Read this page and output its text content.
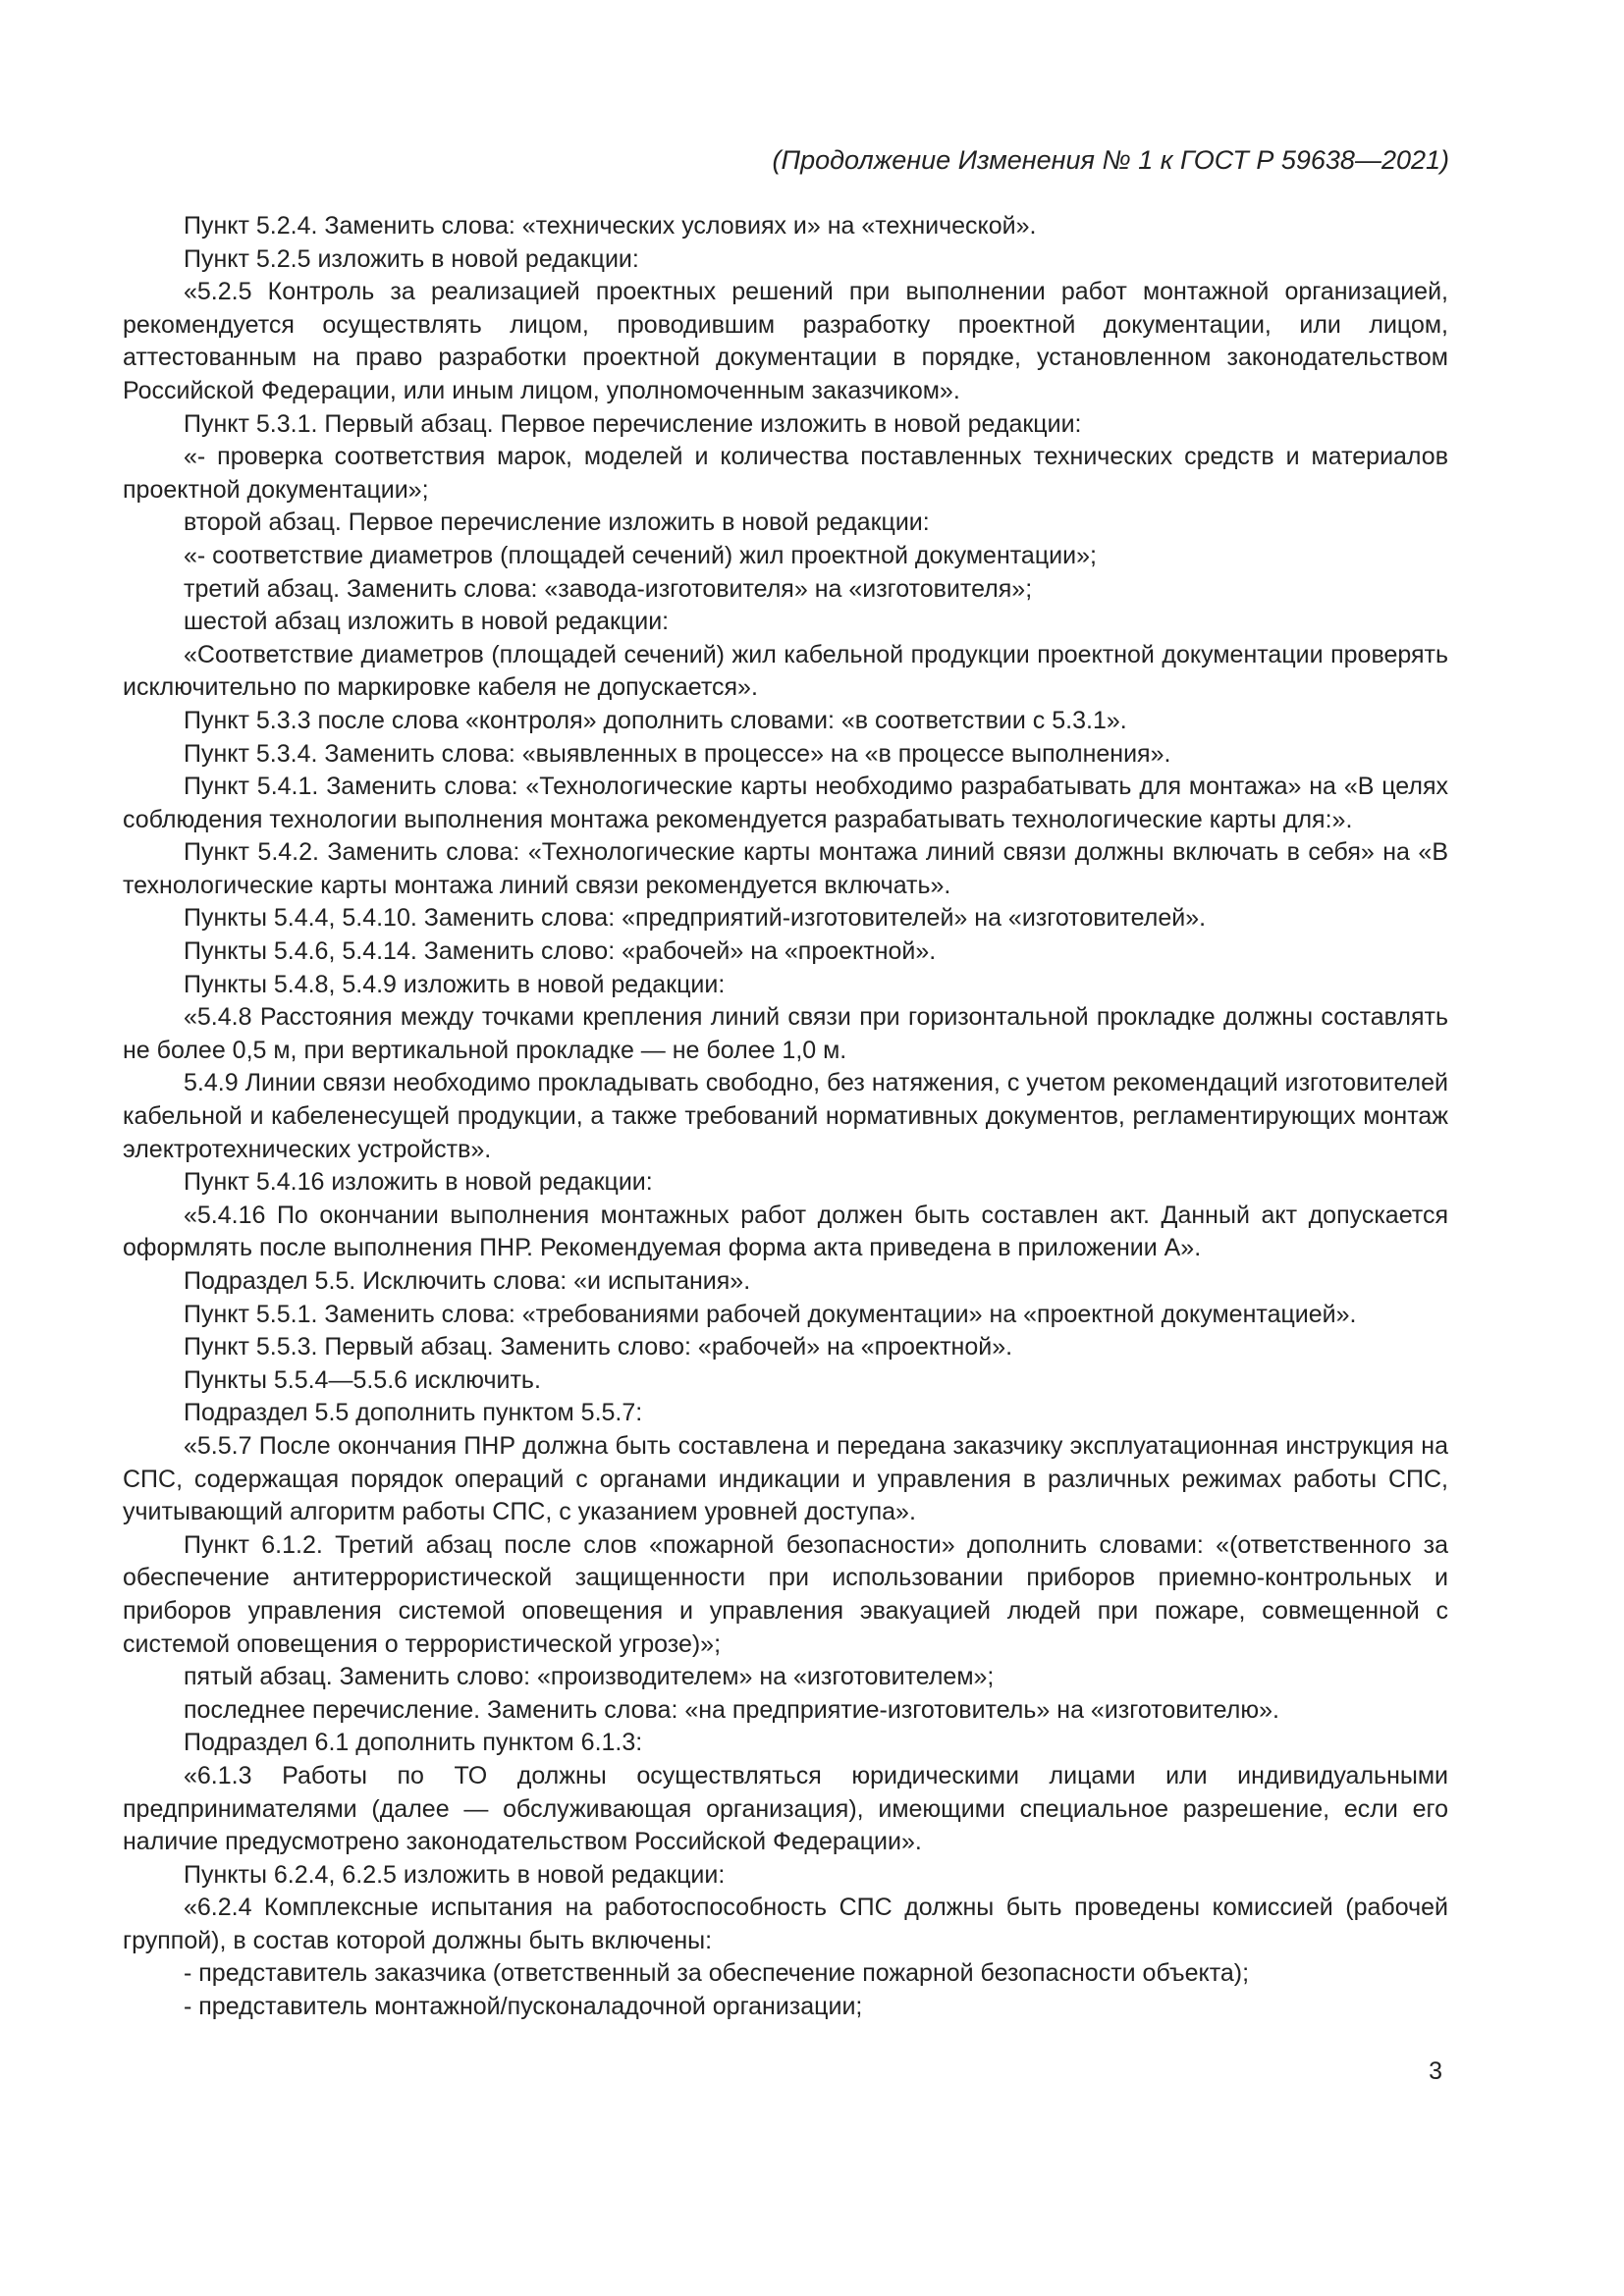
(Продолжение Изменения № 1 к ГОСТ Р 59638—2021)

Пункт 5.2.4. Заменить слова: «технических условиях и» на «технической».

Пункт 5.2.5 изложить в новой редакции:

«5.2.5 Контроль за реализацией проектных решений при выполнении работ монтажной организацией, рекомендуется осуществлять лицом, проводившим разработку проектной документации, или лицом, аттестованным на право разработки проектной документации в порядке, установленном законодательством Российской Федерации, или иным лицом, уполномоченным заказчиком».

Пункт 5.3.1. Первый абзац. Первое перечисление изложить в новой редакции:

«- проверка соответствия марок, моделей и количества поставленных технических средств и материалов проектной документации»;

второй абзац. Первое перечисление изложить в новой редакции:

«- соответствие диаметров (площадей сечений) жил проектной документации»;

третий абзац. Заменить слова: «завода-изготовителя» на «изготовителя»;

шестой абзац изложить в новой редакции:

«Соответствие диаметров (площадей сечений) жил кабельной продукции проектной документации проверять исключительно по маркировке кабеля не допускается».

Пункт 5.3.3 после слова «контроля» дополнить словами: «в соответствии с 5.3.1».

Пункт 5.3.4. Заменить слова: «выявленных в процессе» на «в процессе выполнения».

Пункт 5.4.1. Заменить слова: «Технологические карты необходимо разрабатывать для монтажа» на «В целях соблюдения технологии выполнения монтажа рекомендуется разрабатывать технологические карты для:».

Пункт 5.4.2. Заменить слова: «Технологические карты монтажа линий связи должны включать в себя» на «В технологические карты монтажа линий связи рекомендуется включать».

Пункты 5.4.4, 5.4.10. Заменить слова: «предприятий-изготовителей» на «изготовителей».

Пункты 5.4.6, 5.4.14. Заменить слово: «рабочей» на «проектной».

Пункты 5.4.8, 5.4.9 изложить в новой редакции:

«5.4.8 Расстояния между точками крепления линий связи при горизонтальной прокладке должны составлять не более 0,5 м, при вертикальной прокладке — не более 1,0 м.

5.4.9 Линии связи необходимо прокладывать свободно, без натяжения, с учетом рекомендаций изготовителей кабельной и кабеленесущей продукции, а также требований нормативных документов, регламентирующих монтаж электротехнических устройств».

Пункт 5.4.16 изложить в новой редакции:

«5.4.16 По окончании выполнения монтажных работ должен быть составлен акт. Данный акт допускается оформлять после выполнения ПНР. Рекомендуемая форма акта приведена в приложении А».

Подраздел 5.5. Исключить слова: «и испытания».

Пункт 5.5.1. Заменить слова: «требованиями рабочей документации» на «проектной документацией».

Пункт 5.5.3. Первый абзац. Заменить слово: «рабочей» на «проектной».

Пункты 5.5.4—5.5.6 исключить.

Подраздел 5.5 дополнить пунктом 5.5.7:

«5.5.7 После окончания ПНР должна быть составлена и передана заказчику эксплуатационная инструкция на СПС, содержащая порядок операций с органами индикации и управления в различных режимах работы СПС, учитывающий алгоритм работы СПС, с указанием уровней доступа».

Пункт 6.1.2. Третий абзац после слов «пожарной безопасности» дополнить словами: «(ответственного за обеспечение антитеррористической защищенности при использовании приборов приемно-контрольных и приборов управления системой оповещения и управления эвакуацией людей при пожаре, совмещенной с системой оповещения о террористической угрозе)»;

пятый абзац. Заменить слово: «производителем» на «изготовителем»;

последнее перечисление. Заменить слова: «на предприятие-изготовитель» на «изготовителю».

Подраздел 6.1 дополнить пунктом 6.1.3:

«6.1.3 Работы по ТО должны осуществляться юридическими лицами или индивидуальными предпринимателями (далее — обслуживающая организация), имеющими специальное разрешение, если его наличие предусмотрено законодательством Российской Федерации».

Пункты 6.2.4, 6.2.5 изложить в новой редакции:

«6.2.4 Комплексные испытания на работоспособность СПС должны быть проведены комиссией (рабочей группой), в состав которой должны быть включены:

- представитель заказчика (ответственный за обеспечение пожарной безопасности объекта);

- представитель монтажной/пусконаладочной организации;

3
